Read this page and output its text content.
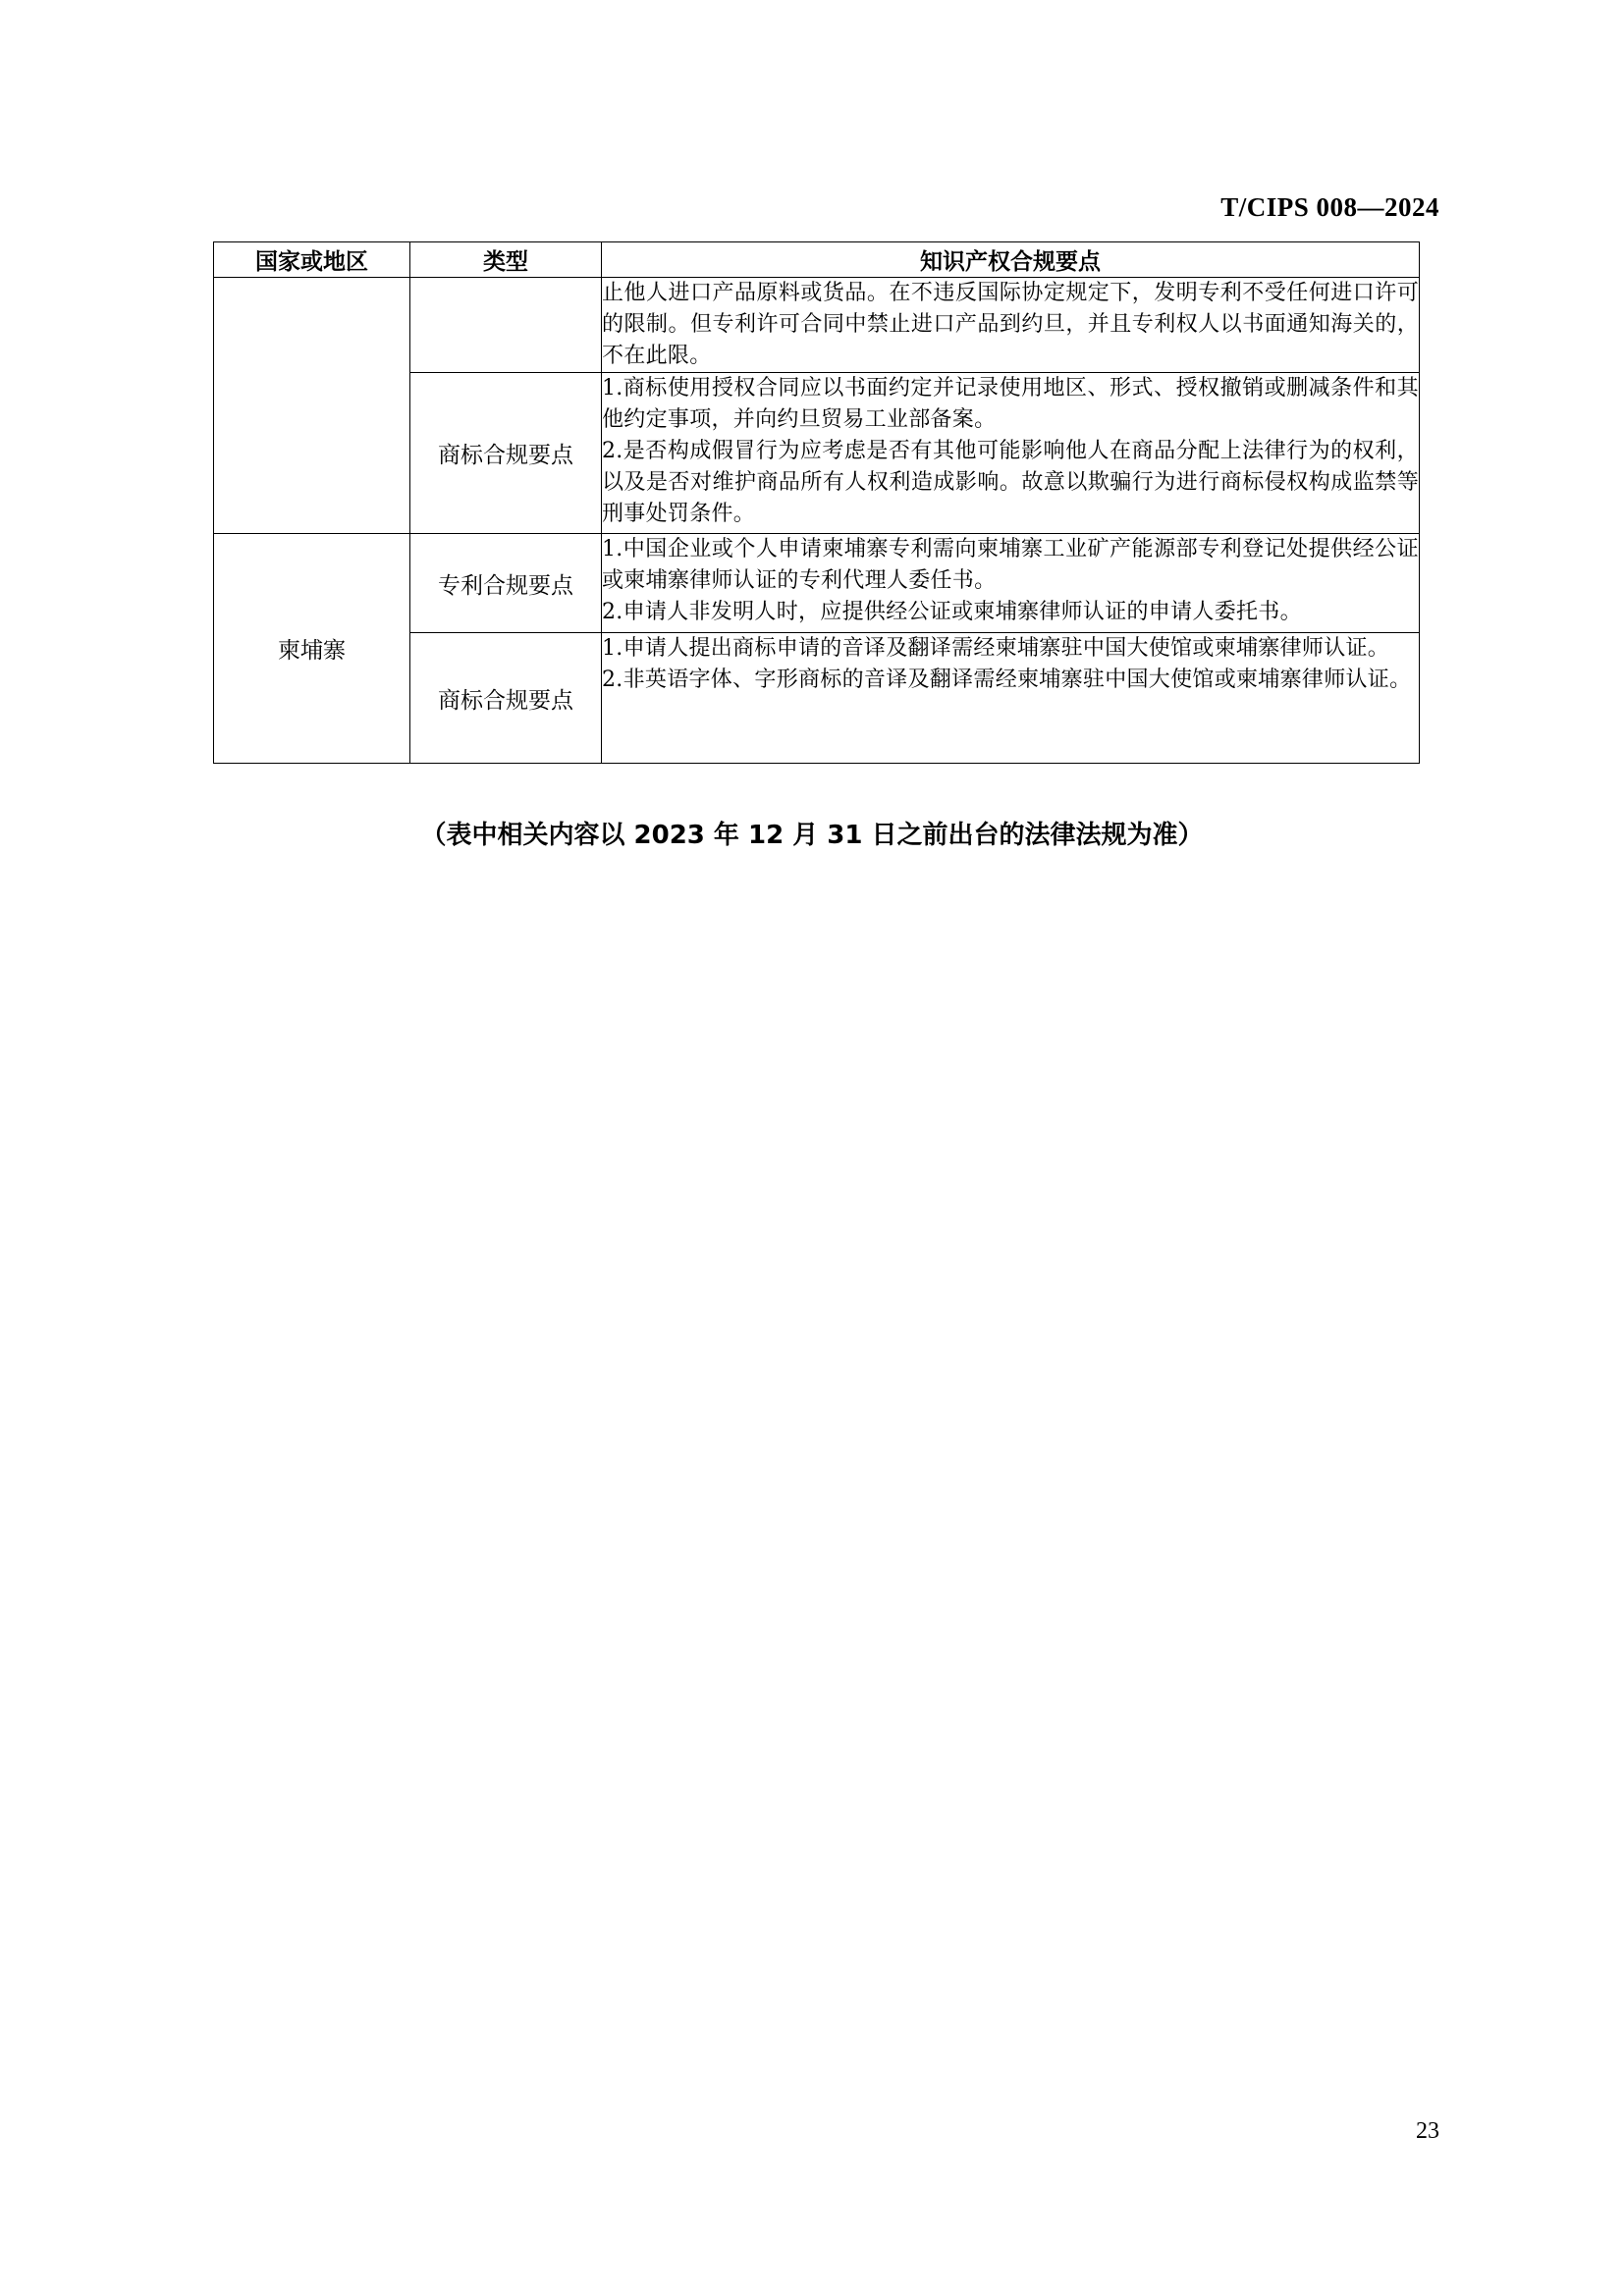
T/CIPS 008—2024
国家或地区	类型	知识产权合规要点

		止他人进口产品原料或货品。在不违反国际协定规定下，发明专利不受任何进口许可的限制。但专利许可合同中禁止进口产品到约旦，并且专利权人以书面通知海关的，不在此限。

	商标合规要点	1.商标使用授权合同应以书面约定并记录使用地区、形式、授权撤销或删减条件和其他约定事项，并向约旦贸易工业部备案。

2.是否构成假冒行为应考虑是否有其他可能影响他人在商品分配上法律行为的权利，以及是否对维护商品所有人权利造成影响。故意以欺骗行为进行商标侵权构成监禁等刑事处罚条件。

柬埔寨	专利合规要点	1.中国企业或个人申请柬埔寨专利需向柬埔寨工业矿产能源部专利登记处提供经公证或柬埔寨律师认证的专利代理人委任书。

2.申请人非发明人时，应提供经公证或柬埔寨律师认证的申请人委托书。

	商标合规要点	1.申请人提出商标申请的音译及翻译需经柬埔寨驻中国大使馆或柬埔寨律师认证。

2.非英语字体、字形商标的音译及翻译需经柬埔寨驻中国大使馆或柬埔寨律师认证。

（表中相关内容以 2023 年 12 月 31 日之前出台的法律法规为准）
23
